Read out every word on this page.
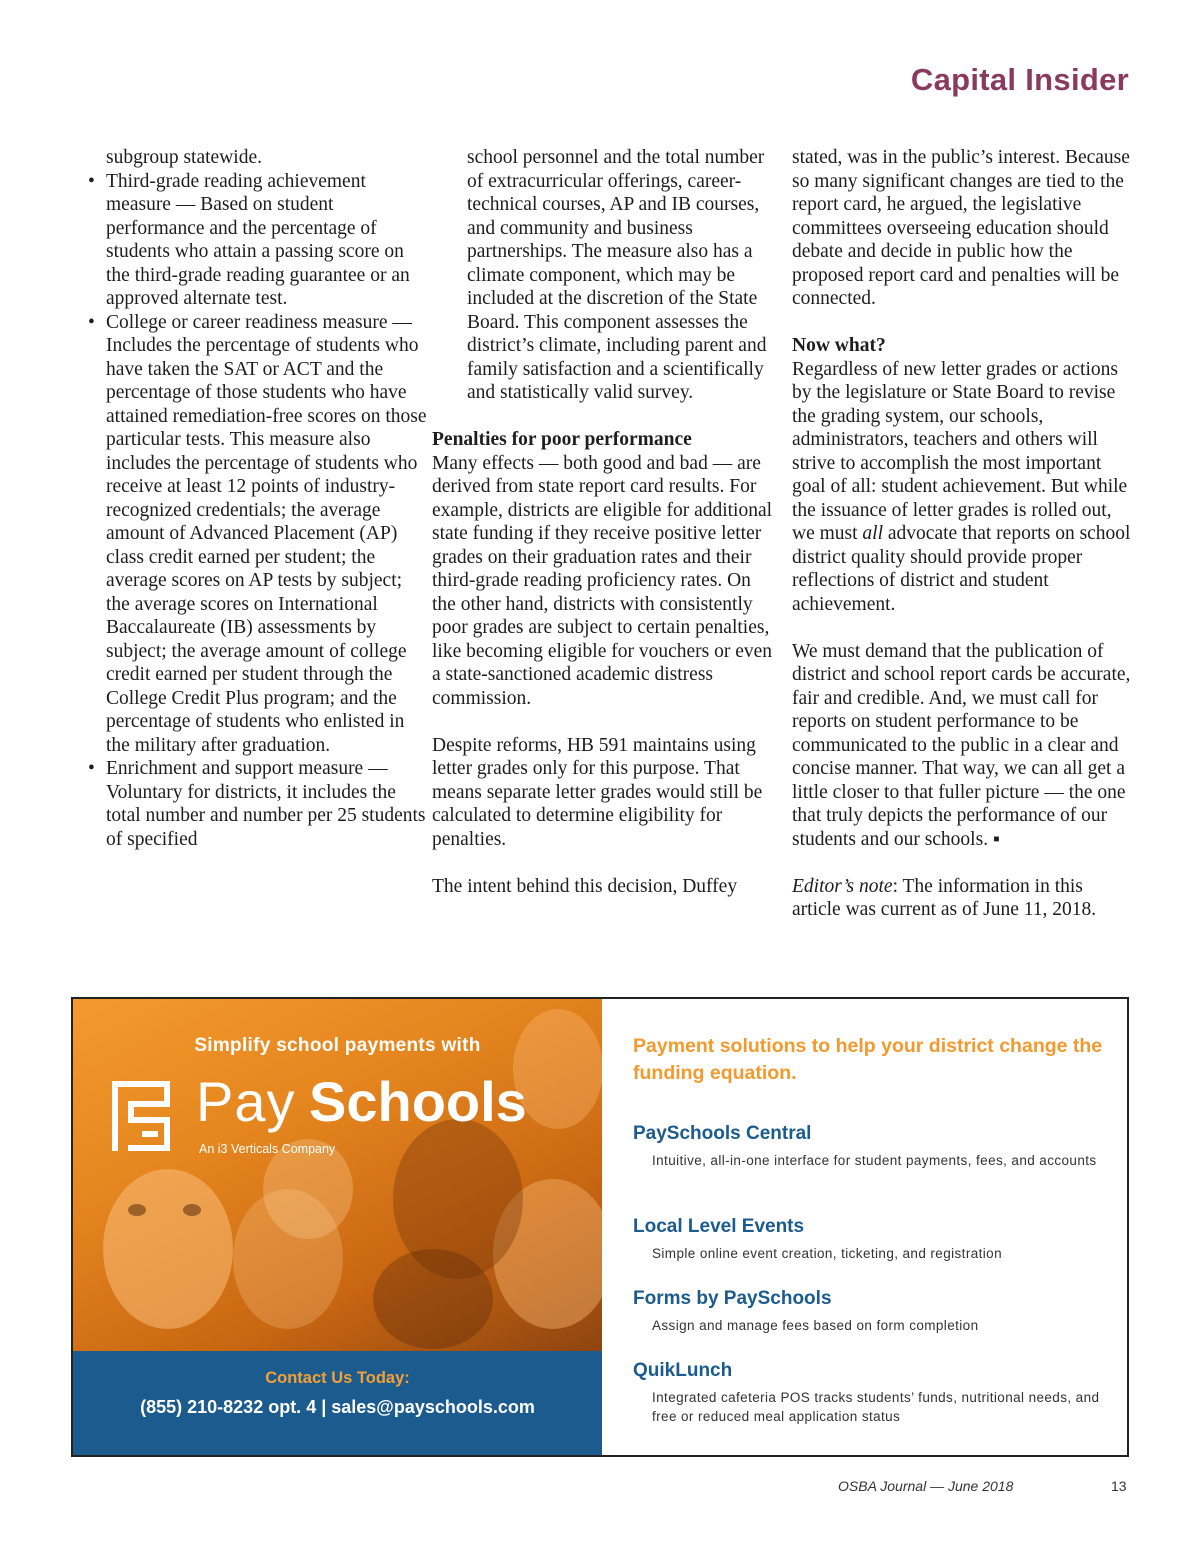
Capital Insider

subgroup statewide.

• Third-grade reading achievement measure — Based on student performance and the percentage of students who attain a passing score on the third-grade reading guarantee or an approved alternate test.
• College or career readiness measure — Includes the percentage of students who have taken the SAT or ACT and the percentage of those students who have attained remediation-free scores on those particular tests. This measure also includes the percentage of students who receive at least 12 points of industry-recognized credentials; the average amount of Advanced Placement (AP) class credit earned per student; the average scores on AP tests by subject; the average scores on International Baccalaureate (IB) assessments by subject; the average amount of college credit earned per student through the College Credit Plus program; and the percentage of students who enlisted in the military after graduation.
• Enrichment and support measure — Voluntary for districts, it includes the total number and number per 25 students of specified

school personnel and the total number of extracurricular offerings, career-technical courses, AP and IB courses, and community and business partnerships. The measure also has a climate component, which may be included at the discretion of the State Board. This component assesses the district’s climate, including parent and family satisfaction and a scientifically and statistically valid survey.

Penalties for poor performance

Many effects — both good and bad — are derived from state report card results. For example, districts are eligible for additional state funding if they receive positive letter grades on their graduation rates and their third-grade reading proficiency rates. On the other hand, districts with consistently poor grades are subject to certain penalties, like becoming eligible for vouchers or even a state-sanctioned academic distress commission.

Despite reforms, HB 591 maintains using letter grades only for this purpose. That means separate letter grades would still be calculated to determine eligibility for penalties.

The intent behind this decision, Duffey

stated, was in the public’s interest. Because so many significant changes are tied to the report card, he argued, the legislative committees overseeing education should debate and decide in public how the proposed report card and penalties will be connected.

Now what?

Regardless of new letter grades or actions by the legislature or State Board to revise the grading system, our schools, administrators, teachers and others will strive to accomplish the most important goal of all: student achievement. But while the issuance of letter grades is rolled out, we must all advocate that reports on school district quality should provide proper reflections of district and student achievement.

We must demand that the publication of district and school report cards be accurate, fair and credible. And, we must call for reports on student performance to be communicated to the public in a clear and concise manner. That way, we can all get a little closer to that fuller picture — the one that truly depicts the performance of our students and our schools. ▪

Editor’s note: The information in this article was current as of June 11, 2018.

Simplify school payments with
Pay Schools
An i3 Verticals Company
Contact Us Today:
(855) 210-8232 opt. 4 | sales@payschools.com
Payment solutions to help your district change the funding equation.
PaySchools Central

Intuitive, all-in-one interface for student payments, fees, and accounts

Local Level Events

Simple online event creation, ticketing, and registration

Forms by PaySchools

Assign and manage fees based on form completion

QuikLunch

Integrated cafeteria POS tracks students’ funds, nutritional needs, and free or reduced meal application status

OSBA Journal — June 2018	13
